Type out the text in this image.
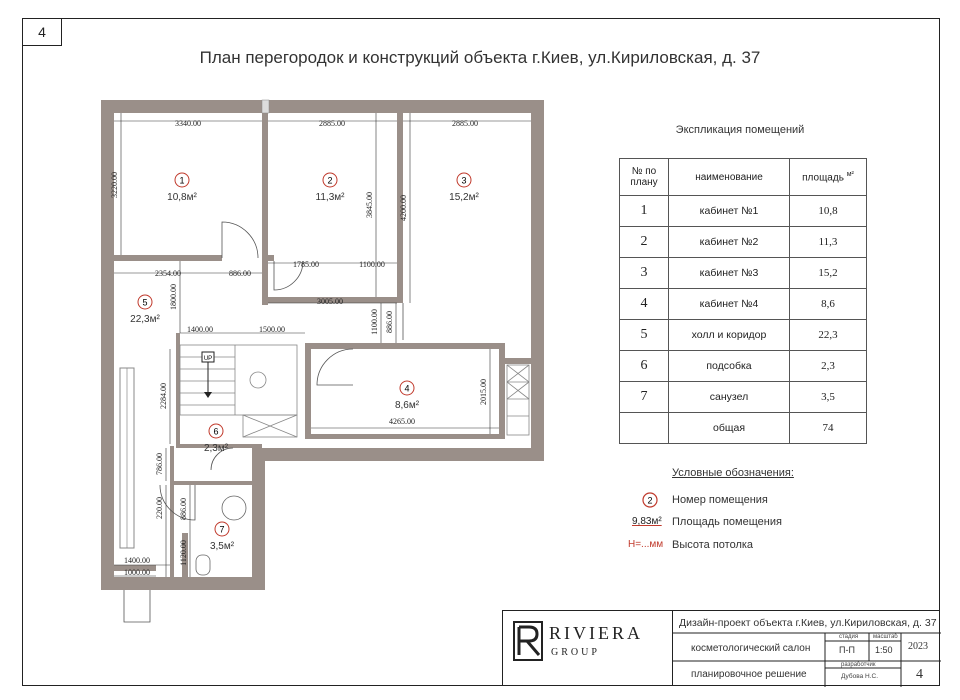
4
План перегородок и конструкций объекта г.Киев, ул.Кириловская, д. 37
UP
3340.00	2885.00	2885.00
3220.00
3845.00	4200.00
2354.00	886.00
1785.00	1100.00
3005.00
1800.00
1400.00	1500.00	1100.00 886.00
2284.00	2015.00
4265.00
786.00
220.00 886.00
1120.00
1400.00
1000.00
1
10,8м²
2
11,3м²
3
15,2м²
4
8,6м²
5
22,3м²
6
2,3м²
7
3,5м²
Экспликация помещений
№ по плану	наименование	площадь $^{м^2}$
1	кабинет №1	10,8
2	кабинет №2	11,3
3	кабинет №3	15,2
4	кабинет №4	8,6
5	холл и коридор	22,3
6	подсобка	2,3
7	санузел	3,5
	общая	74
Условные обозначения:
2 Номер помещения
9,83м² Площадь помещения
H=...мм Высота потолка
RIVIERA
GROUP
Дизайн-проект объекта г.Киев, ул.Кириловская, д. 37
косметологический салон
планировочное решение
стадия масштаб
П-П 1:50 2023
разработчик
Дубова Н.С.	4
